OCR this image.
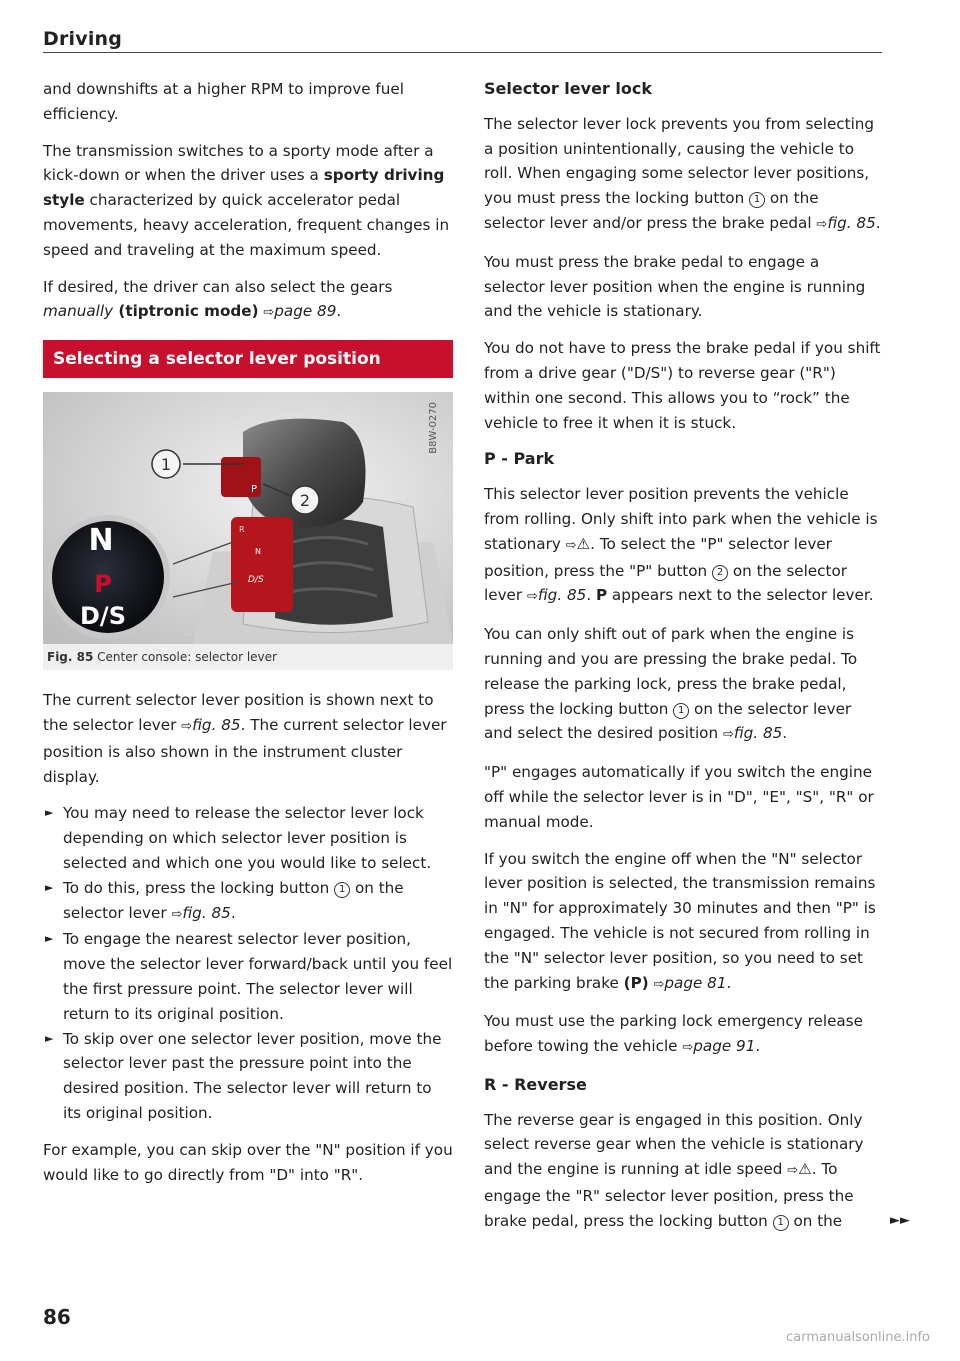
Driving

and downshifts at a higher RPM to improve fuel efficiency.

The transmission switches to a sporty mode after a kick-down or when the driver uses a sporty driving style characterized by quick accelerator pedal movements, heavy acceleration, frequent changes in speed and traveling at the maximum speed.

If desired, the driver can also select the gears manually (tiptronic mode) ⇨page 89.

Selecting a selector lever position
P
R
N
D/S
1
2
N
P
D/S
B8W-0270
Fig. 85 Center console: selector lever

The current selector lever position is shown next to the selector lever ⇨fig. 85. The current selector lever position is also shown in the instrument cluster display.

► You may need to release the selector lever lock depending on which selector lever position is selected and which one you would like to select.
► To do this, press the locking button 1 on the selector lever ⇨fig. 85.
► To engage the nearest selector lever position, move the selector lever forward/back until you feel the first pressure point. The selector lever will return to its original position.
► To skip over one selector lever position, move the selector lever past the pressure point into the desired position. The selector lever will return to its original position.

For example, you can skip over the "N" position if you would like to go directly from "D" into "R".

Selector lever lock

The selector lever lock prevents you from selecting a position unintentionally, causing the vehicle to roll. When engaging some selector lever positions, you must press the locking button 1 on the selector lever and/or press the brake pedal ⇨fig. 85.

You must press the brake pedal to engage a selector lever position when the engine is running and the vehicle is stationary.

You do not have to press the brake pedal if you shift from a drive gear ("D/S") to reverse gear ("R") within one second. This allows you to “rock” the vehicle to free it when it is stuck.

P - Park

This selector lever position prevents the vehicle from rolling. Only shift into park when the vehicle is stationary ⇨⚠. To select the "P" selector lever position, press the "P" button 2 on the selector lever ⇨fig. 85. P appears next to the selector lever.

You can only shift out of park when the engine is running and you are pressing the brake pedal. To release the parking lock, press the brake pedal, press the locking button 1 on the selector lever and select the desired position ⇨fig. 85.

"P" engages automatically if you switch the engine off while the selector lever is in "D", "E", "S", "R" or manual mode.

If you switch the engine off when the "N" selector lever position is selected, the transmission remains in "N" for approximately 30 minutes and then "P" is engaged. The vehicle is not secured from rolling in the "N" selector lever position, so you need to set the parking brake (P) ⇨page 81.

You must use the parking lock emergency release before towing the vehicle ⇨page 91.

R - Reverse

The reverse gear is engaged in this position. Only select reverse gear when the vehicle is stationary and the engine is running at idle speed ⇨⚠. To engage the "R" selector lever position, press the brake pedal, press the locking button 1 on the	►►

86
carmanualsonline.info
